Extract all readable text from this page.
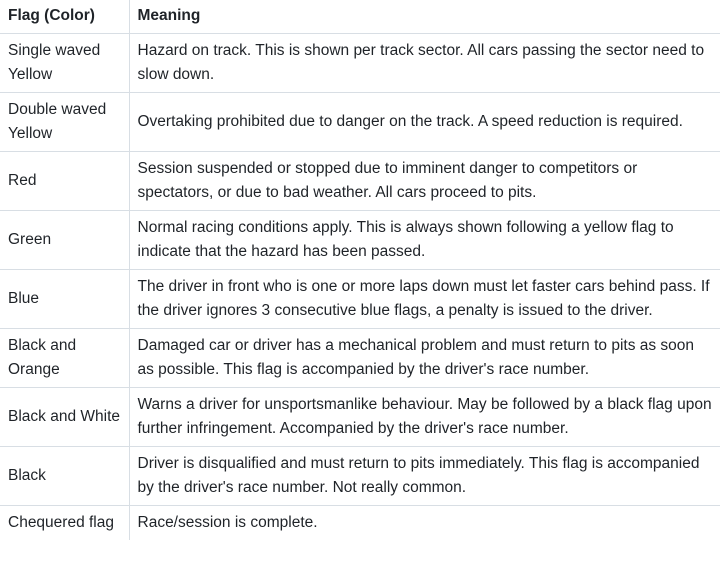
Flag (Color)	Meaning
Single waved Yellow	Hazard on track. This is shown per track sector. All cars passing the sector need to slow down.
Double waved Yellow	Overtaking prohibited due to danger on the track. A speed reduction is required.
Red	Session suspended or stopped due to imminent danger to competitors or spectators, or due to bad weather. All cars proceed to pits.
Green	Normal racing conditions apply. This is always shown following a yellow flag to indicate that the hazard has been passed.
Blue	The driver in front who is one or more laps down must let faster cars behind pass. If the driver ignores 3 consecutive blue flags, a penalty is issued to the driver.
Black and Orange	Damaged car or driver has a mechanical problem and must return to pits as soon as possible. This flag is accompanied by the driver's race number.
Black and White	Warns a driver for unsportsmanlike behaviour. May be followed by a black flag upon further infringement. Accompanied by the driver's race number.
Black	Driver is disqualified and must return to pits immediately. This flag is accompanied by the driver's race number. Not really common.
Chequered flag	Race/session is complete.
